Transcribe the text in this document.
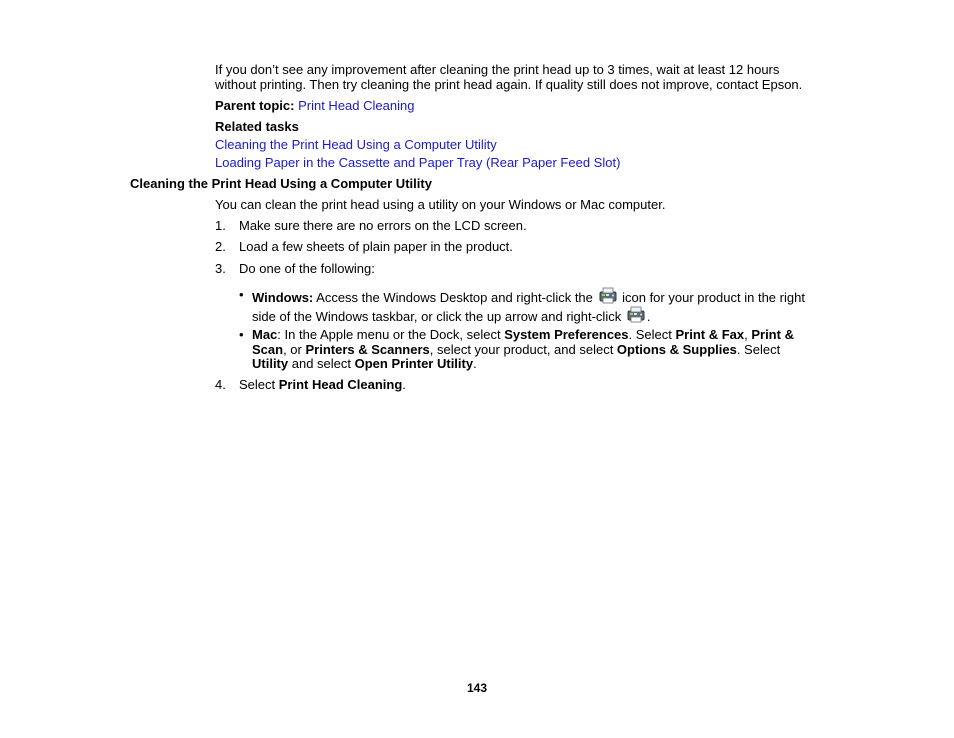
If you don’t see any improvement after cleaning the print head up to 3 times, wait at least 12 hours
without printing. Then try cleaning the print head again. If quality still does not improve, contact Epson.
Parent topic: Print Head Cleaning
Related tasks
Cleaning the Print Head Using a Computer Utility
Loading Paper in the Cassette and Paper Tray (Rear Paper Feed Slot)
Cleaning the Print Head Using a Computer Utility
You can clean the print head using a utility on your Windows or Mac computer.
1. Make sure there are no errors on the LCD screen.
2. Load a few sheets of plain paper in the product.
3. Do one of the following:
• Windows: Access the Windows Desktop and right-click the  icon for your product in the right
side of the Windows taskbar, or click the up arrow and right-click .
• Mac: In the Apple menu or the Dock, select System Preferences. Select Print & Fax, Print &
Scan, or Printers & Scanners, select your product, and select Options & Supplies. Select
Utility and select Open Printer Utility.
4. Select Print Head Cleaning.
143
